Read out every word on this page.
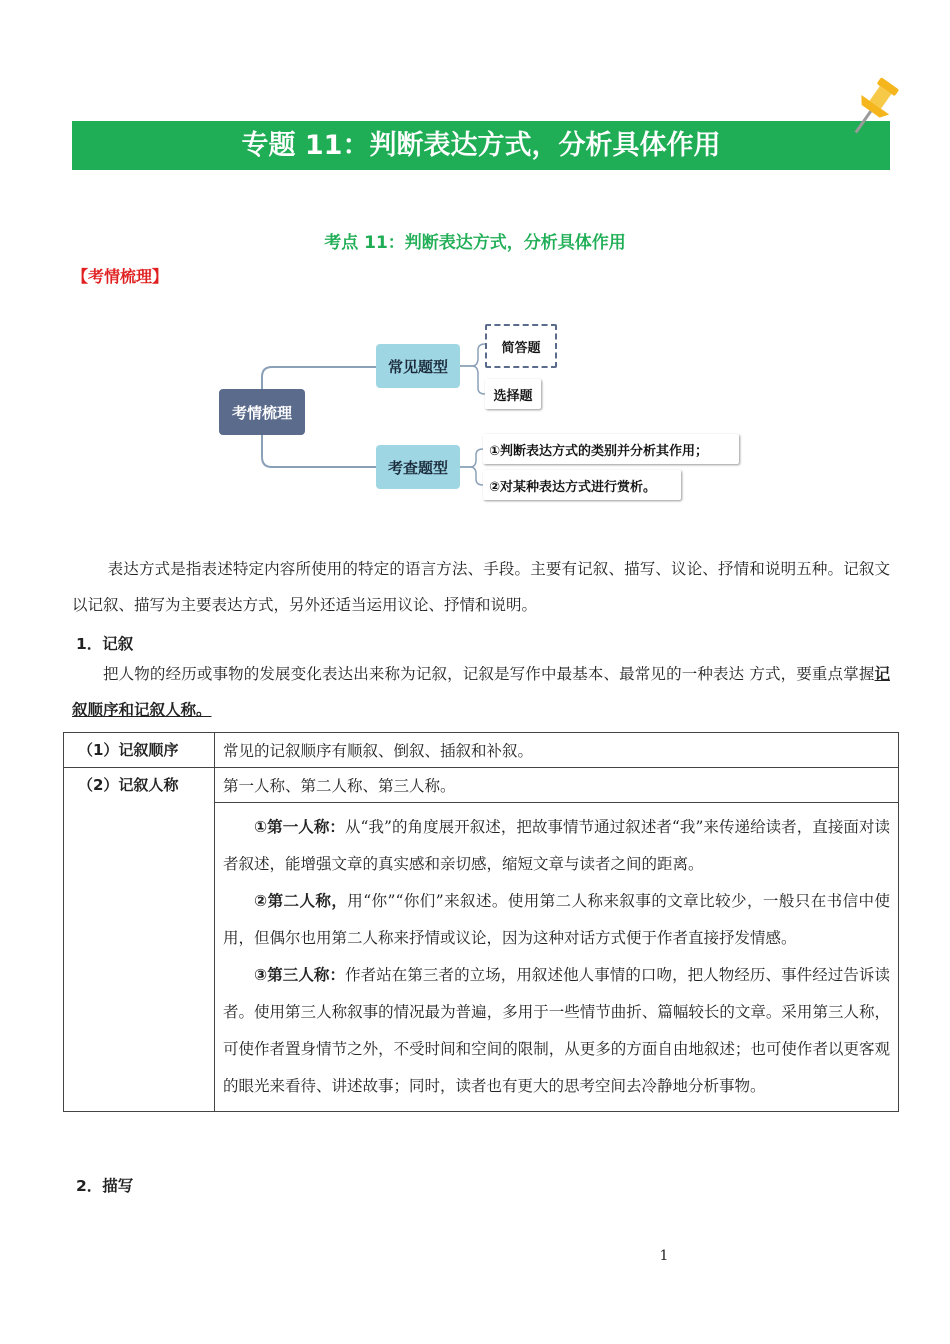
专题 11：判断表达方式，分析具体作用
考点 11：判断表达方式，分析具体作用
【考情梳理】
考情梳理
常见题型
考查题型
简答题
选择题
①判断表达方式的类别并分析其作用；
②对某种表达方式进行赏析。
表达方式是指表述特定内容所使用的特定的语言方法、手段。主要有记叙、描写、议论、抒情和说明五种。记叙文以记叙、描写为主要表达方式，另外还适当运用议论、抒情和说明。
1．记叙
把人物的经历或事物的发展变化表达出来称为记叙，记叙是写作中最基本、最常见的一种表达 方式，要重点掌握记叙顺序和记叙人称。
（1）记叙顺序	常见的记叙顺序有顺叙、倒叙、插叙和补叙。
（2）记叙人称	第一人称、第二人称、第三人称。

	①第一人称：从“我”的角度展开叙述，把故事情节通过叙述者“我”来传递给读者，直接面对读者叙述，能增强文章的真实感和亲切感，缩短文章与读者之间的距离。

②第二人称，用“你”“你们”来叙述。使用第二人称来叙事的文章比较少，一般只在书信中使用，但偶尔也用第二人称来抒情或议论，因为这种对话方式便于作者直接抒发情感。

③第三人称：作者站在第三者的立场，用叙述他人事情的口吻，把人物经历、事件经过告诉读者。使用第三人称叙事的情况最为普遍，多用于一些情节曲折、篇幅较长的文章。采用第三人称，可使作者置身情节之外，不受时间和空间的限制，从更多的方面自由地叙述；也可使作者以更客观的眼光来看待、讲述故事；同时，读者也有更大的思考空间去冷静地分析事物。

2．描写
1
